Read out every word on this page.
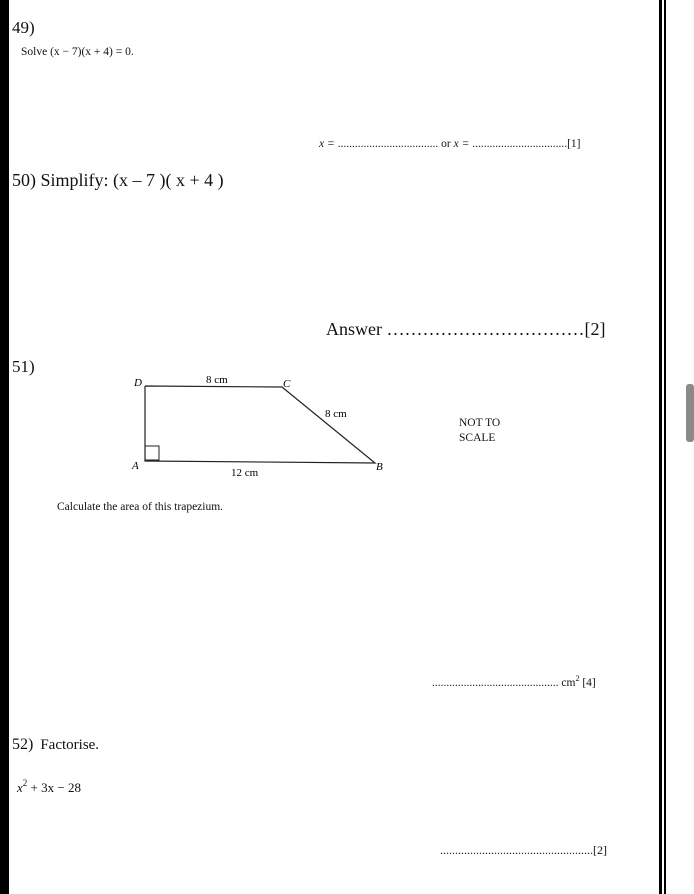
49)
Solve (x − 7)(x + 4) = 0.
x = ................................... or x = .................................[1]
50) Simplify: (x – 7 )( x + 4 )
Answer ……………………………[2]
51)
D	C
A	B
8 cm
8 cm
12 cm
NOT TO
SCALE
Calculate the area of this trapezium.
............................................ $cm^2$ [4]
52) Factorise.
$x^2 + 3x - 28$
...................................................[2]
